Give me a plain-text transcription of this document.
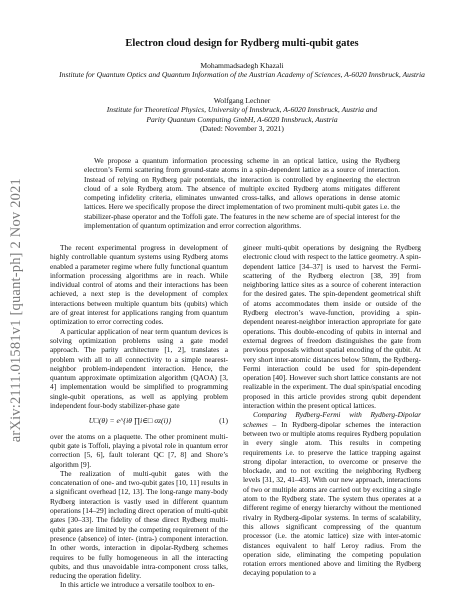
arXiv:2111.01581v1 [quant-ph] 2 Nov 2021
Electron cloud design for Rydberg multi-qubit gates
Mohammadsadegh Khazali
Institute for Quantum Optics and Quantum Information of the Austrian Academy of Sciences, A-6020 Innsbruck, Austria
Wolfgang Lechner
Institute for Theoretical Physics, University of Innsbruck, A-6020 Innsbruck, Austria and
Parity Quantum Computing GmbH, A-6020 Innsbruck, Austria
(Dated: November 3, 2021)

We propose a quantum information processing scheme in an optical lattice, using the Rydberg electron’s Fermi scattering from ground-state atoms in a spin-dependent lattice as a source of interaction. Instead of relying on Rydberg pair potentials, the interaction is controlled by engineering the electron cloud of a sole Rydberg atom. The absence of multiple excited Rydberg atoms mitigates different competing infidelity criteria, eliminates unwanted cross-talks, and allows operations in dense atomic lattices. Here we specifically propose the direct implementation of two prominent multi-qubit gates i.e. the stabilizer-phase operator and the Toffoli gate. The features in the new scheme are of special interest for the implementation of quantum optimization and error correction algorithms.

The recent experimental progress in development of highly controllable quantum systems using Rydberg atoms enabled a parameter regime where fully functional quantum information processing algorithms are in reach. While individual control of atoms and their interactions has been achieved, a next step is the development of complex interactions between multiple quantum bits (qubits) which are of great interest for applications ranging from quantum optimization to error correcting codes.

A particular application of near term quantum devices is solving optimization problems using a gate model approach. The parity architecture [1, 2], translates a problem with all to all connectivity to a simple nearest-neighbor problem-independent interaction. Hence, the quantum approximate optimization algorithm (QAOA) [3, 4] implementation would be simplified to programming single-qubit operations, as well as applying problem independent four-body stabilizer-phase gate

U□(θ) = e^{iθ ∏i∈□ σz(i)}	(1)

over the atoms on a plaquette. The other prominent multi-qubit gate is Toffoli, playing a pivotal role in quantum error correction [5, 6], fault tolerant QC [7, 8] and Shore’s algorithm [9].

The realization of multi-qubit gates with the concatenation of one- and two-qubit gates [10, 11] results in a significant overhead [12, 13]. The long-range many-body Rydberg interaction is vastly used in different quantum operations [14–29] including direct operation of multi-qubit gates [30–33]. The fidelity of these direct Rydberg multi-qubit gates are limited by the competing requirement of the presence (absence) of inter- (intra-) component interaction. In other words, interaction in dipolar-Rydberg schemes requires to be fully homogeneous in all the interacting qubits, and thus unavoidable intra-component cross talks, reducing the operation fidelity.

In this article we introduce a versatile toolbox to en-

gineer multi-qubit operations by designing the Rydberg electronic cloud with respect to the lattice geometry. A spin-dependent lattice [34–37] is used to harvest the Fermi-scattering of the Rydberg electron [38, 39] from neighboring lattice sites as a source of coherent interaction for the desired gates. The spin-dependent geometrical shift of atoms accommodates them inside or outside of the Rydberg electron’s wave-function, providing a spin-dependent nearest-neighbor interaction appropriate for gate operations. This double-encoding of qubits in internal and external degrees of freedom distinguishes the gate from previous proposals without spatial encoding of the qubit. At very short inter-atomic distances below 50nm, the Rydberg-Fermi interaction could be used for spin-dependent operation [40]. However such short lattice constants are not realizable in the experiment. The dual spin/spatial encoding proposed in this article provides strong qubit dependent interaction within the present optical lattices.

Comparing Rydberg-Fermi with Rydberg-Dipolar schemes – In Rydberg-dipolar schemes the interaction between two or multiple atoms requires Rydberg population in every single atom. This results in competing requirements i.e. to preserve the lattice trapping against strong dipolar interaction, to overcome or preserve the blockade, and to not exciting the neighboring Rydberg levels [31, 32, 41–43]. With our new approach, interactions of two or multiple atoms are carried out by exciting a single atom to the Rydberg state. The system thus operates at a different regime of energy hierarchy without the mentioned rivalry in Rydberg-dipolar systems. In terms of scalability, this allows significant compressing of the quantum processor (i.e. the atomic lattice) size with inter-atomic distances equivalent to half Leroy radius. From the operation side, eliminating the competing population rotation errors mentioned above and limiting the Rydberg decaying population to a
